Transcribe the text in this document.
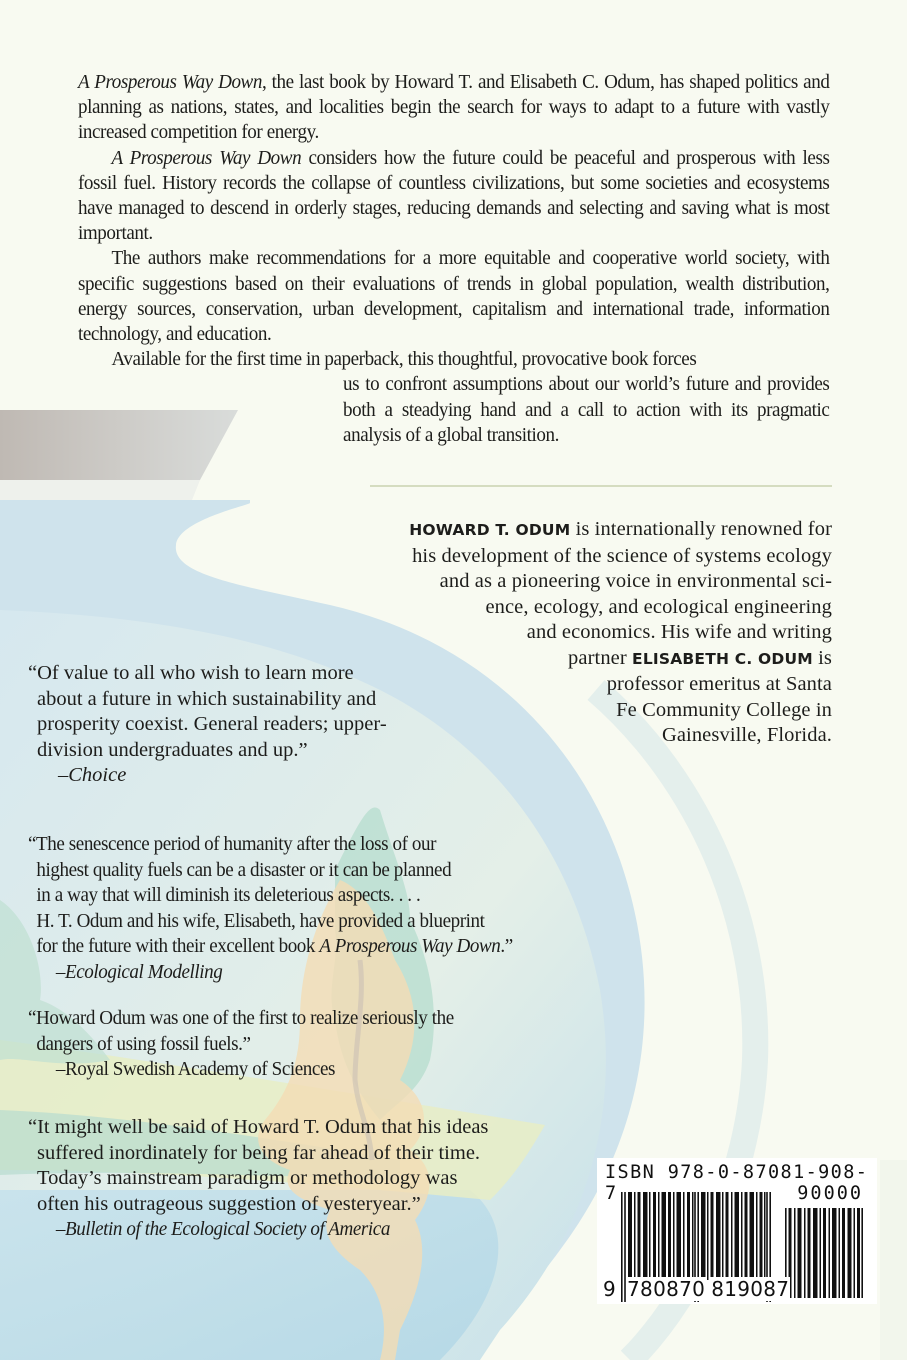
A Prosperous Way Down, the last book by Howard T. and Elisabeth C. Odum, has shaped politics and planning as nations, states, and localities begin the search for ways to adapt to a future with vastly increased competition for energy.

A Prosperous Way Down considers how the future could be peaceful and prosperous with less fossil fuel. History records the collapse of countless civilizations, but some societies and ecosystems have managed to descend in orderly stages, reducing demands and selecting and saving what is most important.

The authors make recommendations for a more equitable and cooperative world society, with specific suggestions based on their evaluations of trends in global population, wealth distribution, energy sources, conservation, urban development, capitalism and international trade, information technology, and education.

Available for the first time in paperback, this thoughtful, provocative book forces

us to confront assumptions about our world’s future and provides both a steadying hand and a call to action with its pragmatic analysis of a global transition.

HOWARD T. ODUM is internationally renowned for
his development of the science of systems ecology
and as a pioneering voice in environmental sci-
ence, ecology, and ecological engineering
and economics. His wife and writing
partner ELISABETH C. ODUM is
professor emeritus at Santa
Fe Community College in
Gainesville, Florida.
“Of value to all who wish to learn more
about a future in which sustainability and
prosperity coexist. General readers; upper-
division undergraduates and up.”
–Choice
“The senescence period of humanity after the loss of our
highest quality fuels can be a disaster or it can be planned
in a way that will diminish its deleterious aspects. . . .
H. T. Odum and his wife, Elisabeth, have provided a blueprint
for the future with their excellent book A Prosperous Way Down.”
–Ecological Modelling
“Howard Odum was one of the first to realize seriously the
dangers of using fossil fuels.”
–Royal Swedish Academy of Sciences
“It might well be said of Howard T. Odum that his ideas
suffered inordinately for being far ahead of their time.
Today’s mainstream paradigm or methodology was
often his outrageous suggestion of yesteryear.”
–Bulletin of the Ecological Society of America
ISBN 978-0-87081-908-7	90000
9 780870 819087
